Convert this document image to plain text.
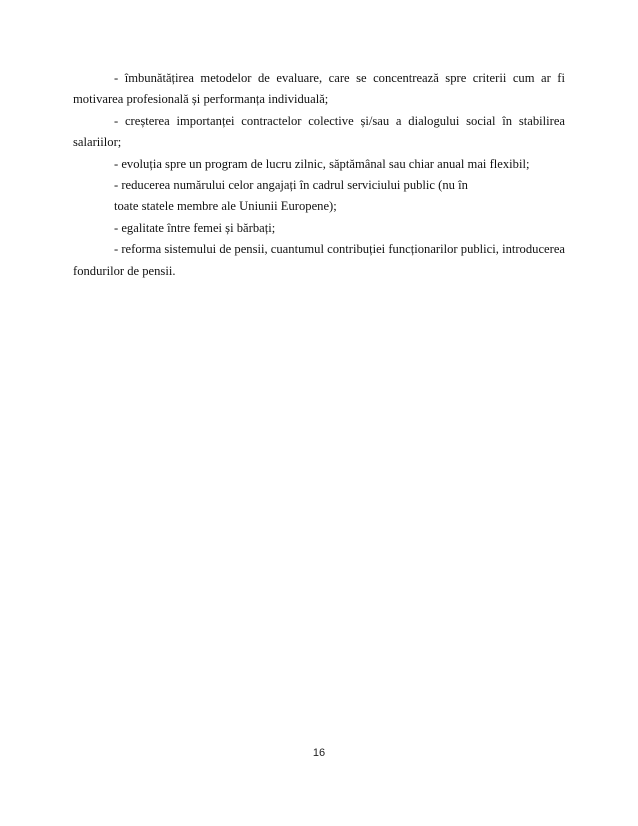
- îmbunătățirea metodelor de evaluare, care se concentrează spre criterii cum ar fi motivarea profesională și performanța individuală;

- creșterea importanței contractelor colective și/sau a dialogului social în stabilirea salariilor;

- evoluția spre un program de lucru zilnic, săptămânal sau chiar anual mai flexibil;

- reducerea numărului celor angajați în cadrul serviciului public (nu în
toate statele membre ale Uniunii Europene);

- egalitate între femei și bărbați;

- reforma sistemului de pensii, cuantumul contribuției funcționarilor publici, introducerea fondurilor de pensii.

16
